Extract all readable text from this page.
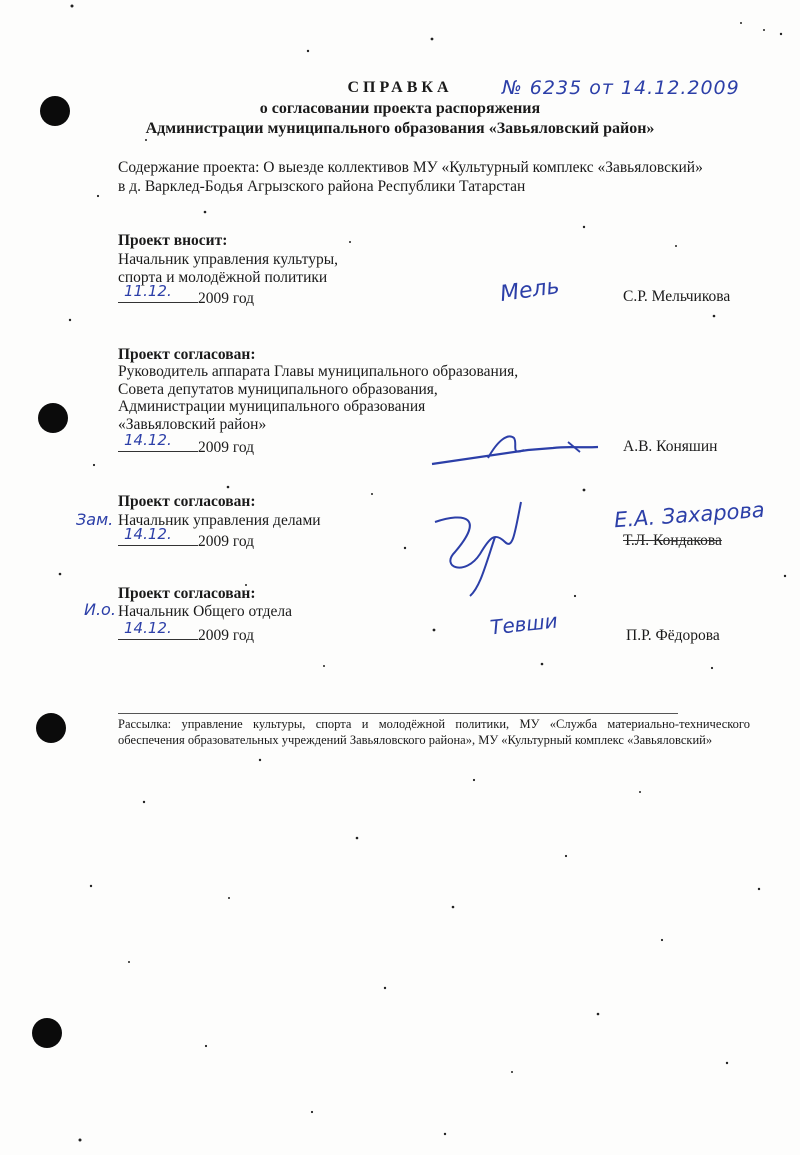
СПРАВКА	№ 6235 от 14.12.2009
о согласовании проекта распоряжения
Администрации муниципального образования «Завьяловский район»
Содержание проекта: О выезде коллективов МУ «Культурный комплекс «Завьяловский»
в д. Варклед-Бодья Агрызского района Республики Татарстан
Проект вносит:
Начальник управления культуры,
спорта и молодёжной политики
11.12. 2009 год	Мель	С.Р. Мельчикова
Проект согласован:
Руководитель аппарата Главы муниципального образования,
Совета депутатов муниципального образования,
Администрации муниципального образования
«Завьяловский район»
14.12. 2009 год	А.В. Коняшин
Проект согласован:
Зам. Начальник управления делами
14.12. 2009 год
Е.А. Захарова
Т.Л. Кондакова
Проект согласован:
И.о. Начальник Общего отдела
14.12. 2009 год	Тевши	П.Р. Фёдорова
Рассылка: управление культуры, спорта и молодёжной политики, МУ «Служба материально-технического обеспечения образовательных учреждений Завьяловского района», МУ «Культурный комплекс «Завьяловский»
